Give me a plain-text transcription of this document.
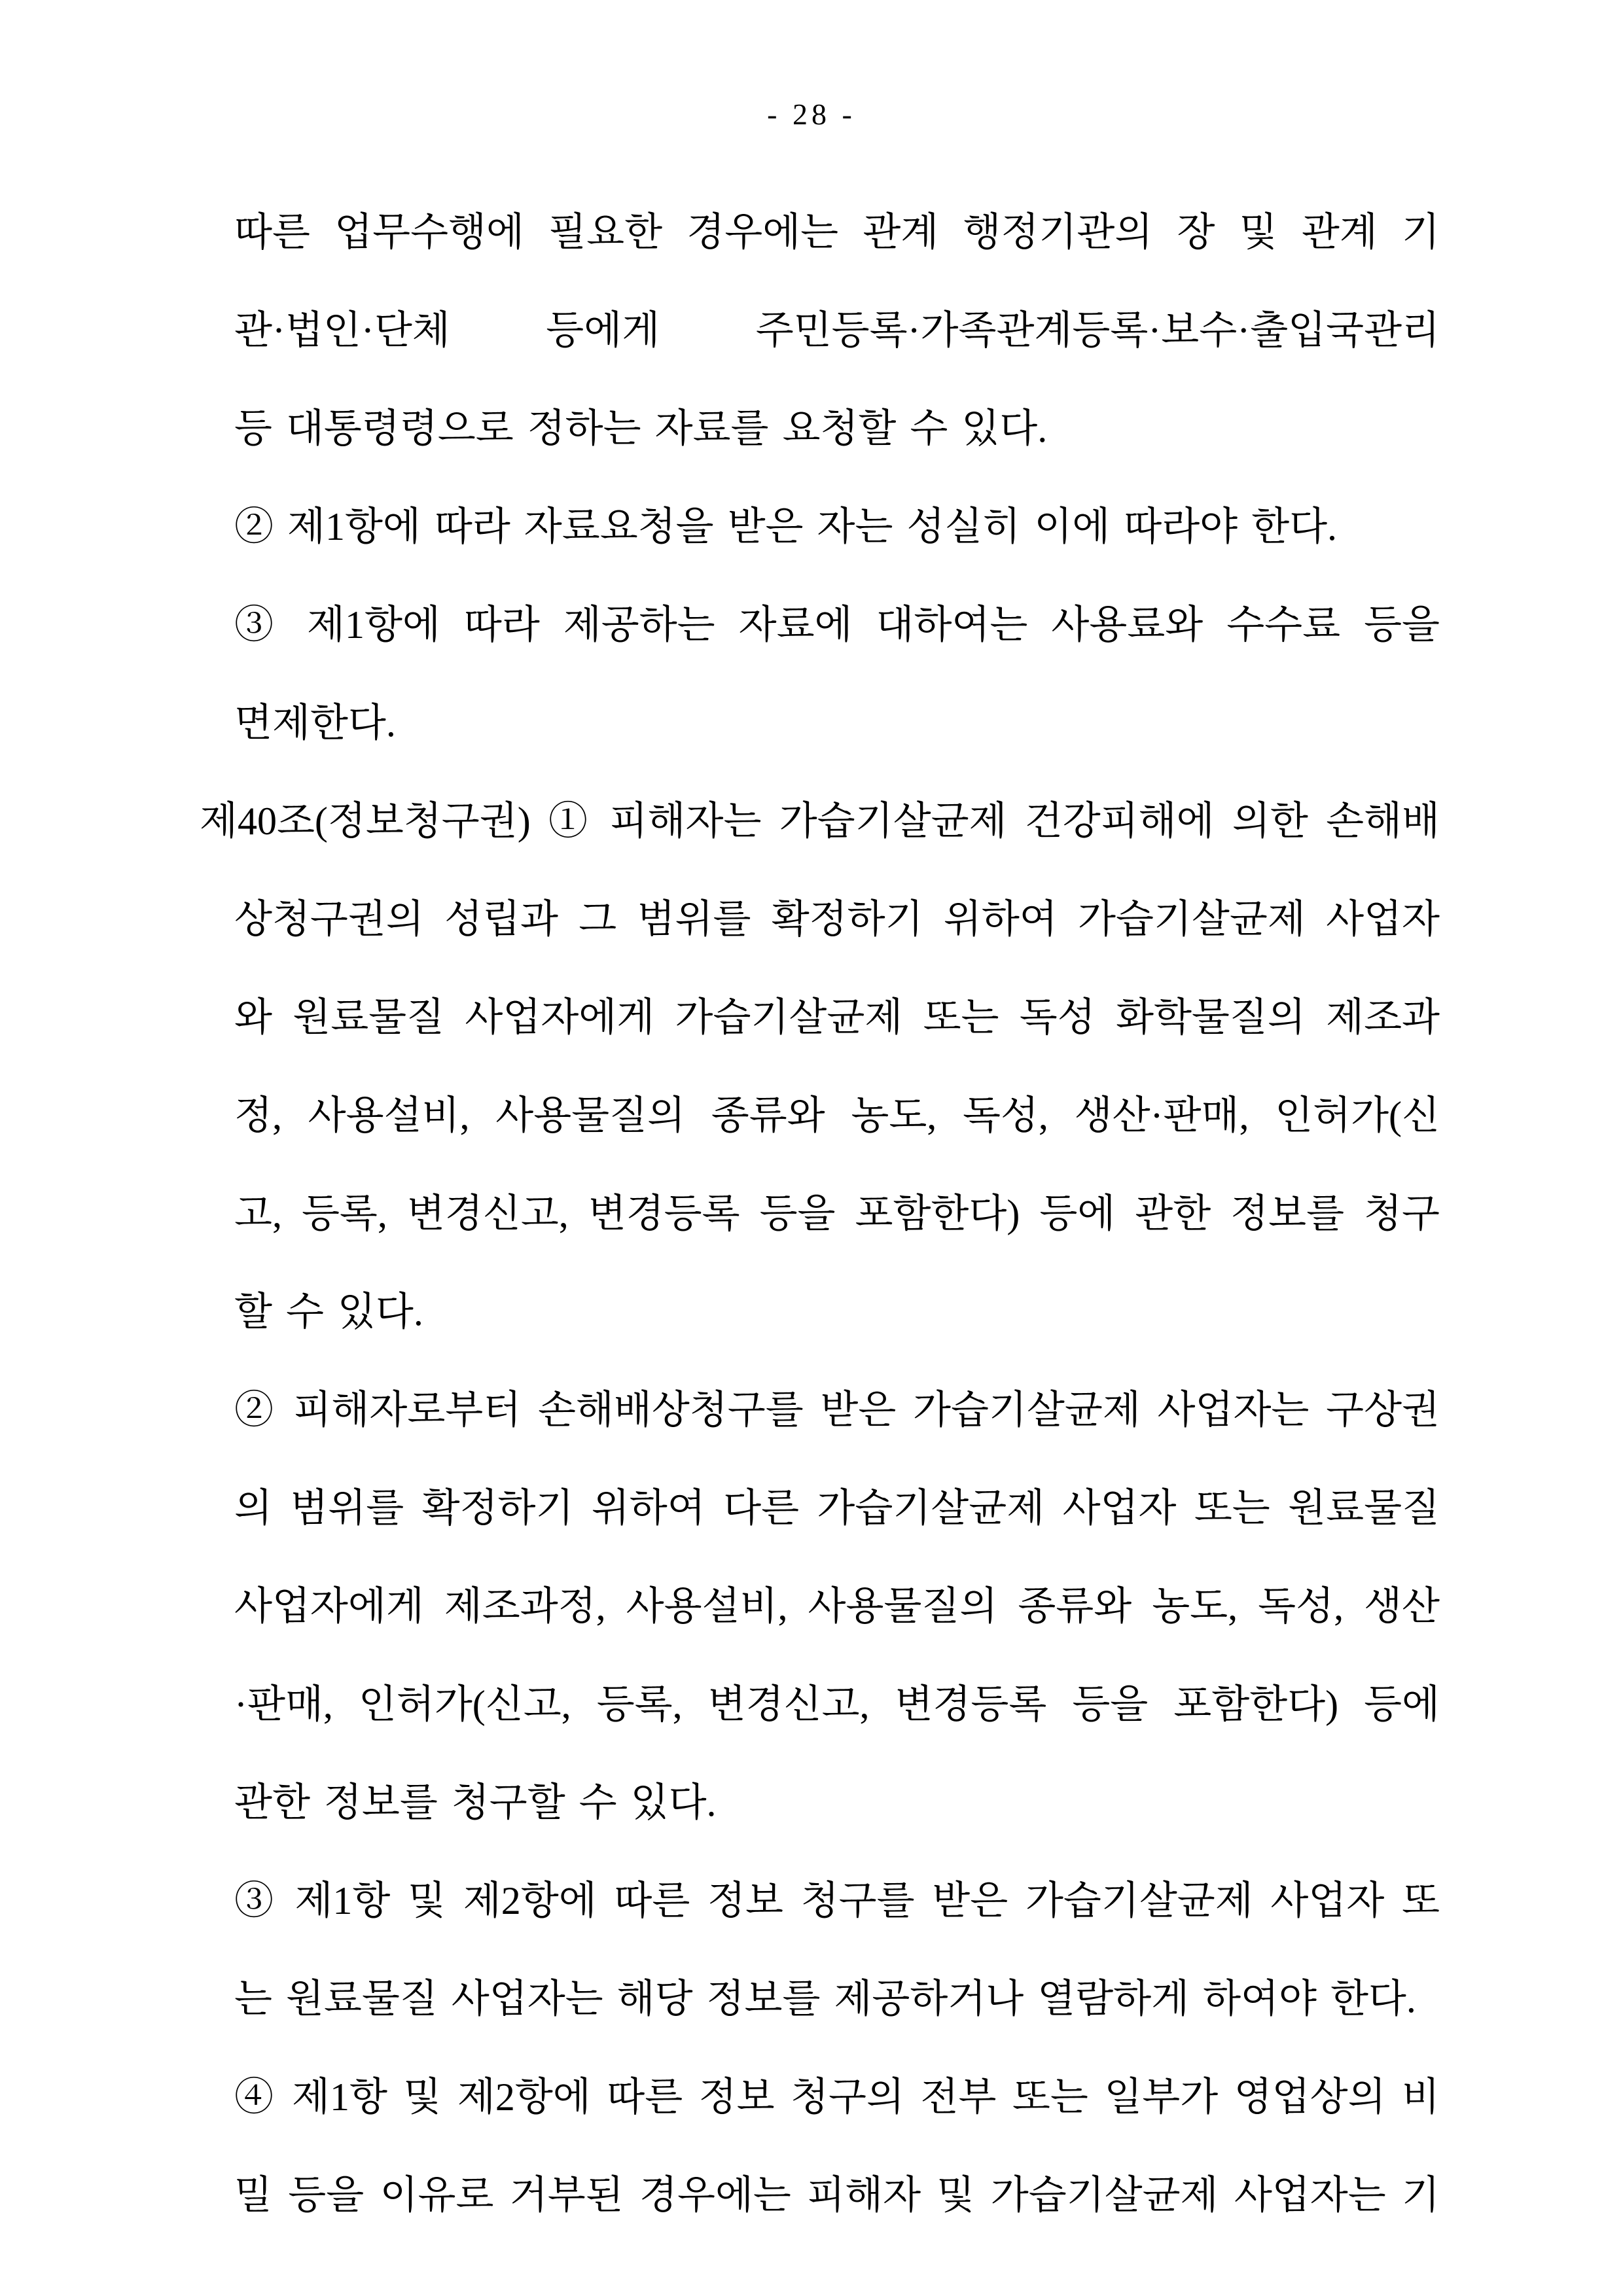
- 28 -
따른 업무수행에 필요한 경우에는 관계 행정기관의 장 및 관계 기
관·법인·단체 등에게 주민등록·가족관계등록·보수·출입국관리
등 대통령령으로 정하는 자료를 요청할 수 있다.
② 제1항에 따라 자료요청을 받은 자는 성실히 이에 따라야 한다.
③ 제1항에 따라 제공하는 자료에 대하여는 사용료와 수수료 등을
면제한다.
제40조(정보청구권) ① 피해자는 가습기살균제 건강피해에 의한 손해배
상청구권의 성립과 그 범위를 확정하기 위하여 가습기살균제 사업자
와 원료물질 사업자에게 가습기살균제 또는 독성 화학물질의 제조과
정, 사용설비, 사용물질의 종류와 농도, 독성, 생산·판매, 인허가(신
고, 등록, 변경신고, 변경등록 등을 포함한다) 등에 관한 정보를 청구
할 수 있다.
② 피해자로부터 손해배상청구를 받은 가습기살균제 사업자는 구상권
의 범위를 확정하기 위하여 다른 가습기살균제 사업자 또는 원료물질
사업자에게 제조과정, 사용설비, 사용물질의 종류와 농도, 독성, 생산
·판매, 인허가(신고, 등록, 변경신고, 변경등록 등을 포함한다) 등에
관한 정보를 청구할 수 있다.
③ 제1항 및 제2항에 따른 정보 청구를 받은 가습기살균제 사업자 또
는 원료물질 사업자는 해당 정보를 제공하거나 열람하게 하여야 한다.
④ 제1항 및 제2항에 따른 정보 청구의 전부 또는 일부가 영업상의 비
밀 등을 이유로 거부된 경우에는 피해자 및 가습기살균제 사업자는 기
